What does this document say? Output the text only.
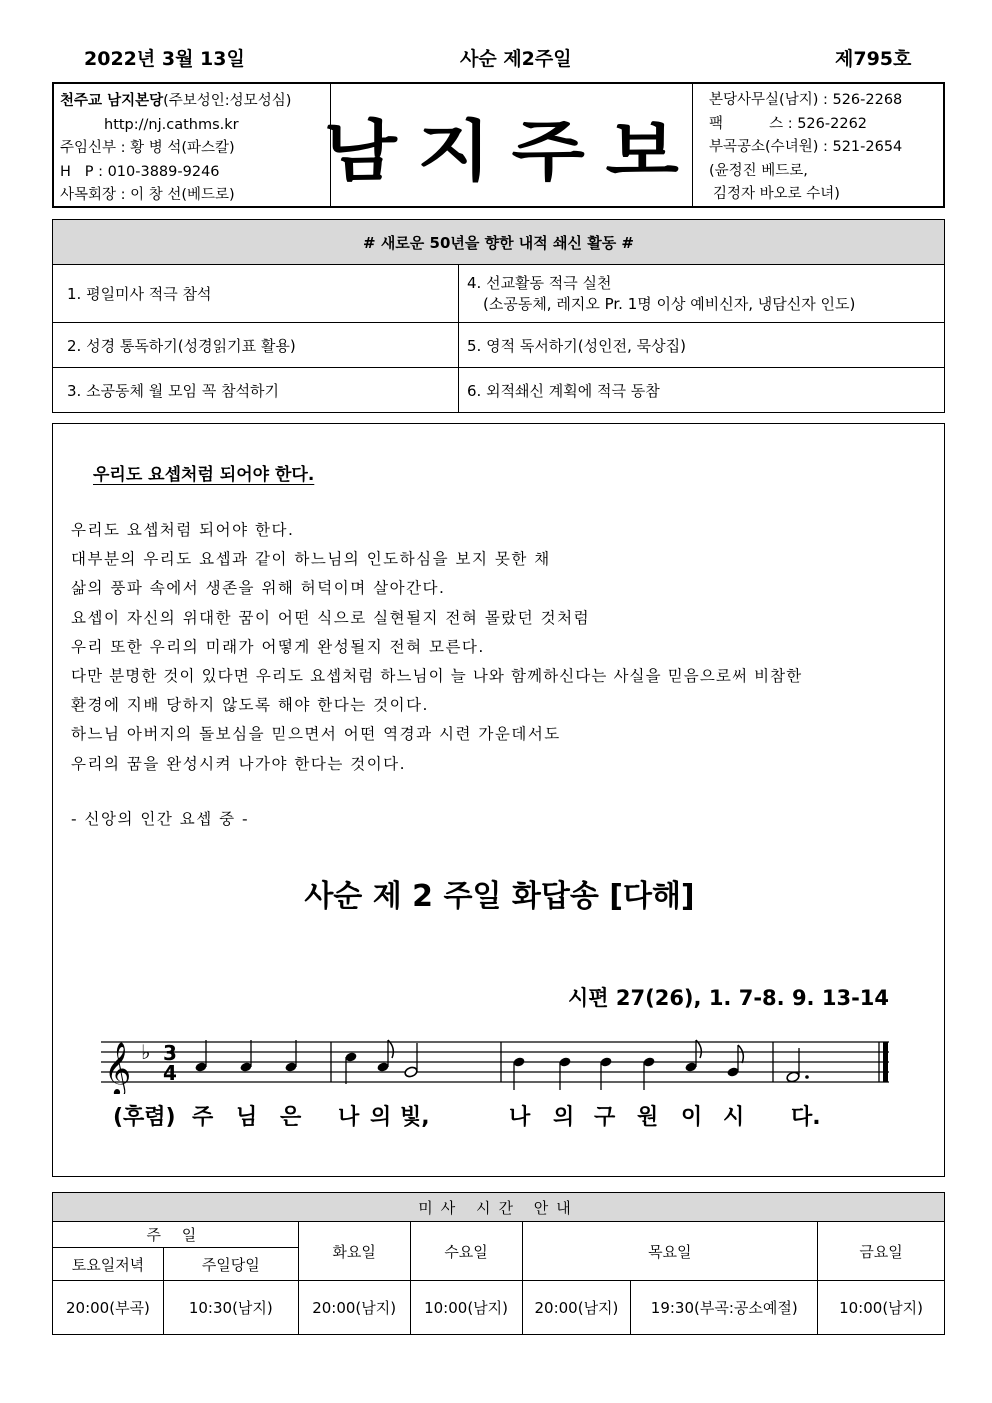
2022년 3월 13일	사순 제2주일	제795호
천주교 남지본당(주보성인:성모성심)
http://nj.cathms.kr
주임신부 : 황 병 석(파스칼)
H   P : 010-3889-9246
사목회장 : 이 창 선(베드로)
남지주보
본당사무실(남지) : 526-2268
팩          스 : 526-2262
부곡공소(수녀원) : 521-2654
(윤정진 베드로,
김정자 바오로 수녀)
# 새로운 50년을 향한 내적 쇄신 활동 #	
1. 평일미사 적극 참석	4. 선교활동 적극 실천
(소공동체, 레지오 Pr. 1명 이상 예비신자, 냉담신자 인도)

2. 성경 통독하기(성경읽기표 활용)	5. 영적 독서하기(성인전, 묵상집)
3. 소공동체 월 모임 꼭 참석하기	6. 외적쇄신 계획에 적극 동참
우리도 요셉처럼 되어야 한다.
우리도 요셉처럼 되어야 한다.
대부분의 우리도 요셉과 같이 하느님의 인도하심을 보지 못한 채
삶의 풍파 속에서 생존을 위해 허덕이며 살아간다.
요셉이 자신의 위대한 꿈이 어떤 식으로 실현될지 전혀 몰랐던 것처럼
우리 또한 우리의 미래가 어떻게 완성될지 전혀 모른다.
다만 분명한 것이 있다면 우리도 요셉처럼 하느님이 늘 나와 함께하신다는 사실을 믿음으로써 비참한
환경에 지배 당하지 않도록 해야 한다는 것이다.
하느님 아버지의 돌보심을 믿으면서 어떤 역경과 시련 가운데서도
우리의 꿈을 완성시켜 나가야 한다는 것이다.
- 신앙의 인간 요셉 중 -
사순 제 2 주일 화답송 [다해]
시편 27(26), 1. 7-8. 9. 13-14
𝄞 ♭ 3
4
(후렴) 주 님 은 나 의 빛,	나 의 구 원 이 시 다.
미사 시간 안내						
주 일		화요일	수요일	목요일		금요일
토요일저녁	주일당일					
20:00(부곡)	10:30(남지)	20:00(남지)	10:00(남지)	20:00(남지)	19:30(부곡:공소예절)	10:00(남지)
